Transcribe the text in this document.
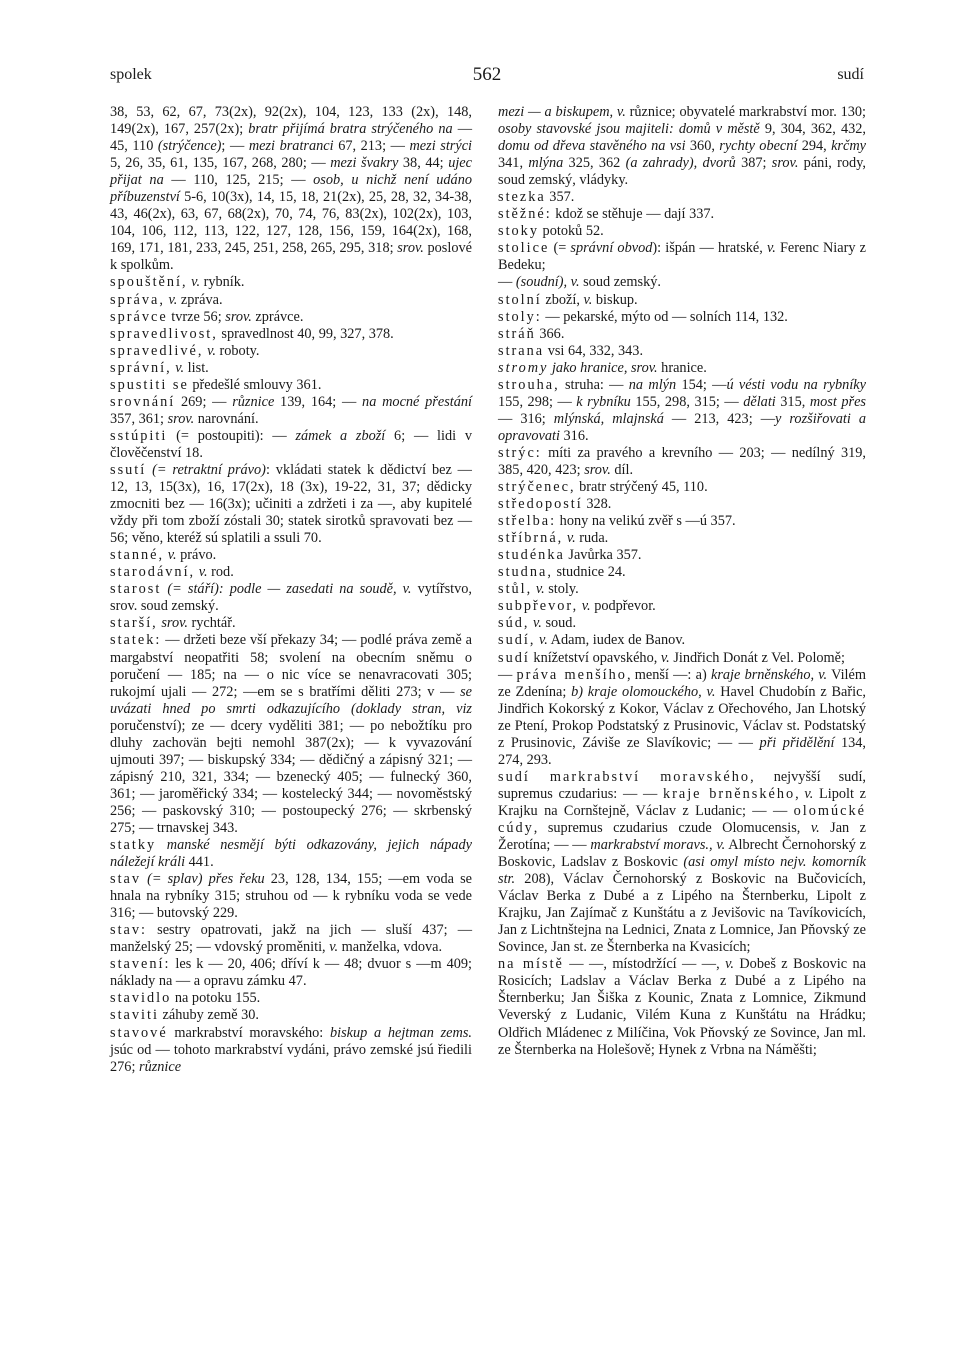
spolek	562	sudí

38, 53, 62, 67, 73(2x), 92(2x), 104, 123, 133 (2x), 148, 149(2x), 167, 257(2x); bratr přijímá bratra strýčeného na — 45, 110 (strýčence); — mezi bratranci 67, 213; — mezi strýci 5, 26, 35, 61, 135, 167, 268, 280; — mezi švakry 38, 44; ujec přijat na — 110, 125, 215; — osob, u nichž není udáno příbuzenství 5-6, 10(3x), 14, 15, 18, 21(2x), 25, 28, 32, 34-38, 43, 46(2x), 63, 67, 68(2x), 70, 74, 76, 83(2x), 102(2x), 103, 104, 106, 112, 113, 122, 127, 128, 156, 159, 164(2x), 168, 169, 171, 181, 233, 245, 251, 258, 265, 295, 318; srov. poslové k spolkům.

spouštění, v. rybník.

správa, v. zpráva.

správce tvrze 56; srov. zprávce.

spravedlivost, spravedlnost 40, 99, 327, 378.

spravedlivé, v. roboty.

správní, v. list.

spustiti se předešlé smlouvy 361.

srovnání 269; — různice 139, 164; — na mocné přestání 357, 361; srov. narovnání.

sstúpiti (= postoupiti): — zámek a zboží 6; — lidi v člověčenství 18.

ssutí (= retraktní právo): vkládati statek k dědictví bez — 12, 13, 15(3x), 16, 17(2x), 18 (3x), 19-22, 31, 37; dědicky zmocniti bez — 16(3x); učiniti a zdržeti i za —, aby kupitelé vždy při tom zboží zóstali 30; statek sirotků spravovati bez — 56; věno, kteréž sú splatili a ssuli 70.

stanné, v. právo.

starodávní, v. rod.

starost (= stáří): podle — zasedati na soudě, v. vytířstvo, srov. soud zemský.

starší, srov. rychtář.

statek: — držeti beze vší překazy 34; — podlé práva země a margabství neopatřiti 58; svolení na obecním sněmu o poručení — 185; na — o nic více se nenavracovati 305; rukojmí ujali — 272; —em se s bratřími děliti 273; v — se uvázati hned po smrti odkazujícího (doklady stran, viz poručenství); ze — dcery vyděliti 381; — po nebožtíku pro dluhy zachovän bejti nemohl 387(2x); — k vyvazování ujmouti 397; — biskupský 334; — dědičný a zápisný 321; — zápisný 210, 321, 334; — bzenecký 405; — fulnecký 360, 361; — jaroměřický 334; — kostelecký 344; — novoměstský 256; — paskovský 310; — postoupecký 276; — skrbenský 275; — trnavskej 343.

statky manské nesmějí býti odkazovány, jejich nápady náležejí králi 441.

stav (= splav) přes řeku 23, 128, 134, 155; —em voda se hnala na rybníky 315; struhou od — k rybníku voda se vede 316; — butovský 229.

stav: sestry opatrovati, jakž na jich — sluší 437; — manželský 25; — vdovský proměniti, v. manželka, vdova.

stavení: les k — 20, 406; dříví k — 48; dvuor s —m 409; náklady na — a opravu zámku 47.

stavidlo na potoku 155.

staviti záhuby země 30.

stavové markrabství moravského: biskup a hejtman zems. jsúc od — tohoto markrabství vydáni, právo zemské jsú řiedili 276; různice

mezi — a biskupem, v. různice; obyvatelé markrabství mor. 130; osoby stavovské jsou majiteli: domů v městě 9, 304, 362, 432, domu od dřeva stavěného na vsi 360, rychty obecní 294, krčmy 341, mlýna 325, 362 (a zahrady), dvorů 387; srov. páni, rody, soud zemský, vládyky.

stezka 357.

stěžné: kdož se stěhuje — dají 337.

stoky potoků 52.

stolice (= správní obvod): išpán — hratské, v. Ferenc Niary z Bedeku;
— (soudní), v. soud zemský.

stolní zboží, v. biskup.

stoly: — pekarské, mýto od — solních 114, 132.

stráň 366.

strana vsi 64, 332, 343.

stromy jako hranice, srov. hranice.

strouha, struha: — na mlýn 154; —ú vésti vodu na rybníky 155, 298; — k rybníku 155, 298, 315; — dělati 315, most přes — 316; mlýnská, mlajnská — 213, 423; —y rozšiřovati a opravovati 316.

strýc: míti za pravého a krevního — 203; — nedílný 319, 385, 420, 423; srov. díl.

strýčenec, bratr strýčený 45, 110.

středopostí 328.

střelba: hony na velikú zvěř s —ú 357.

stříbrná, v. ruda.

studénka Javůrka 357.

studna, studnice 24.

stůl, v. stoly.

subpřevor, v. podpřevor.

súd, v. soud.

sudí, v. Adam, iudex de Banov.

sudí knížetství opavského, v. Jindřich Donát z Vel. Polomě;
— práva menšího, menší —: a) kraje brněnského, v. Vilém ze Zdenína; b) kraje olomouckého, v. Havel Chudobín z Bařic, Jindřich Kokorský z Kokor, Václav z Ořechového, Jan Lhotský ze Ptení, Prokop Podstatský z Prusinovic, Václav st. Podstatský z Prusinovic, Záviše ze Slavíkovic; — — při přidělění 134, 274, 293.

sudí markrabství moravského, nejvyšší sudí, supremus czudarius: — — kraje brněnského, v. Lipolt z Krajku na Cornštejně, Václav z Ludanic; — — olomúcké cúdy, supremus czudarius czude Olomucensis, v. Jan z Žerotína; — — markrabství moravs., v. Albrecht Černohorský z Boskovic, Ladslav z Boskovic (asi omyl místo nejv. komorník str. 208), Václav Černohorský z Boskovic na Bučovicích, Václav Berka z Dubé a z Lipého na Šternberku, Lipolt z Krajku, Jan Zajímač z Kunštátu a z Jevišovic na Tavíkovicích, Jan z Lichtnštejna na Lednici, Znata z Lomnice, Jan Pňovský ze Sovince, Jan st. ze Šternberka na Kvasicích;
na místě — —, místodržící — —, v. Dobeš z Boskovic na Rosicích; Ladslav a Václav Berka z Dubé a z Lipého na Šternberku; Jan Šiška z Kounic, Znata z Lomnice, Zikmund Veverský z Ludanic, Vilém Kuna z Kunštátu na Hrádku; Oldřich Mládenec z Milíčina, Vok Pňovský ze Sovince, Jan ml. ze Šternberka na Holešově; Hynek z Vrbna na Náměšti;
